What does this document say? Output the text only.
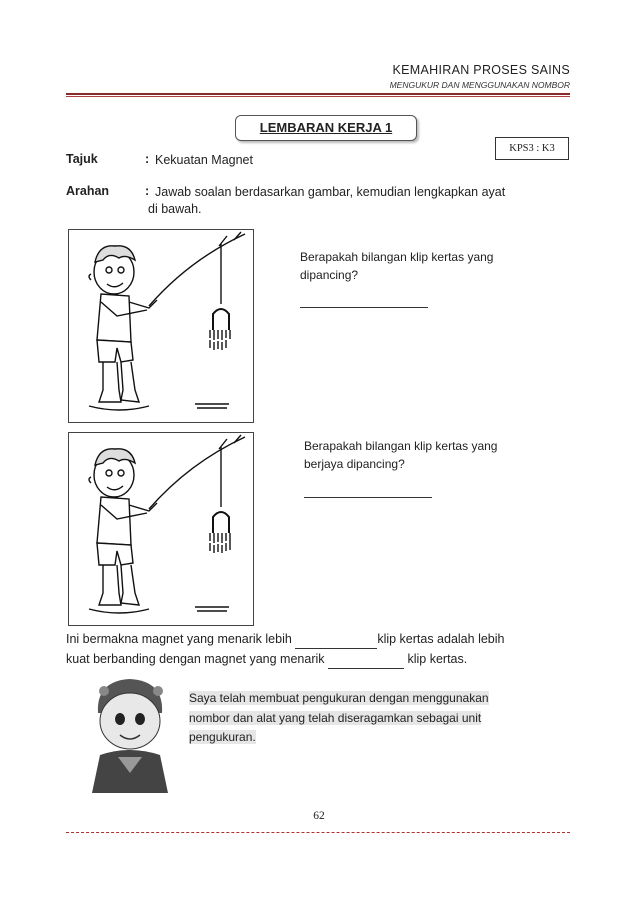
KEMAHIRAN PROSES SAINS
MENGUKUR DAN MENGGUNAKAN NOMBOR
LEMBARAN KERJA 1
KPS3 : K3
Tajuk	: Kekuatan Magnet
Arahan	: Jawab soalan berdasarkan gambar, kemudian lengkapkan ayat
di bawah.
Berapakah bilangan klip kertas yang
dipancing?
Berapakah bilangan klip kertas yang
berjaya dipancing?
Ini bermakna magnet yang menarik lebih	klip kertas adalah lebih
kuat berbanding dengan magnet yang menarik	klip kertas.
Saya telah membuat pengukuran dengan menggunakan
nombor dan alat yang telah diseragamkan sebagai unit
pengukuran.
62
